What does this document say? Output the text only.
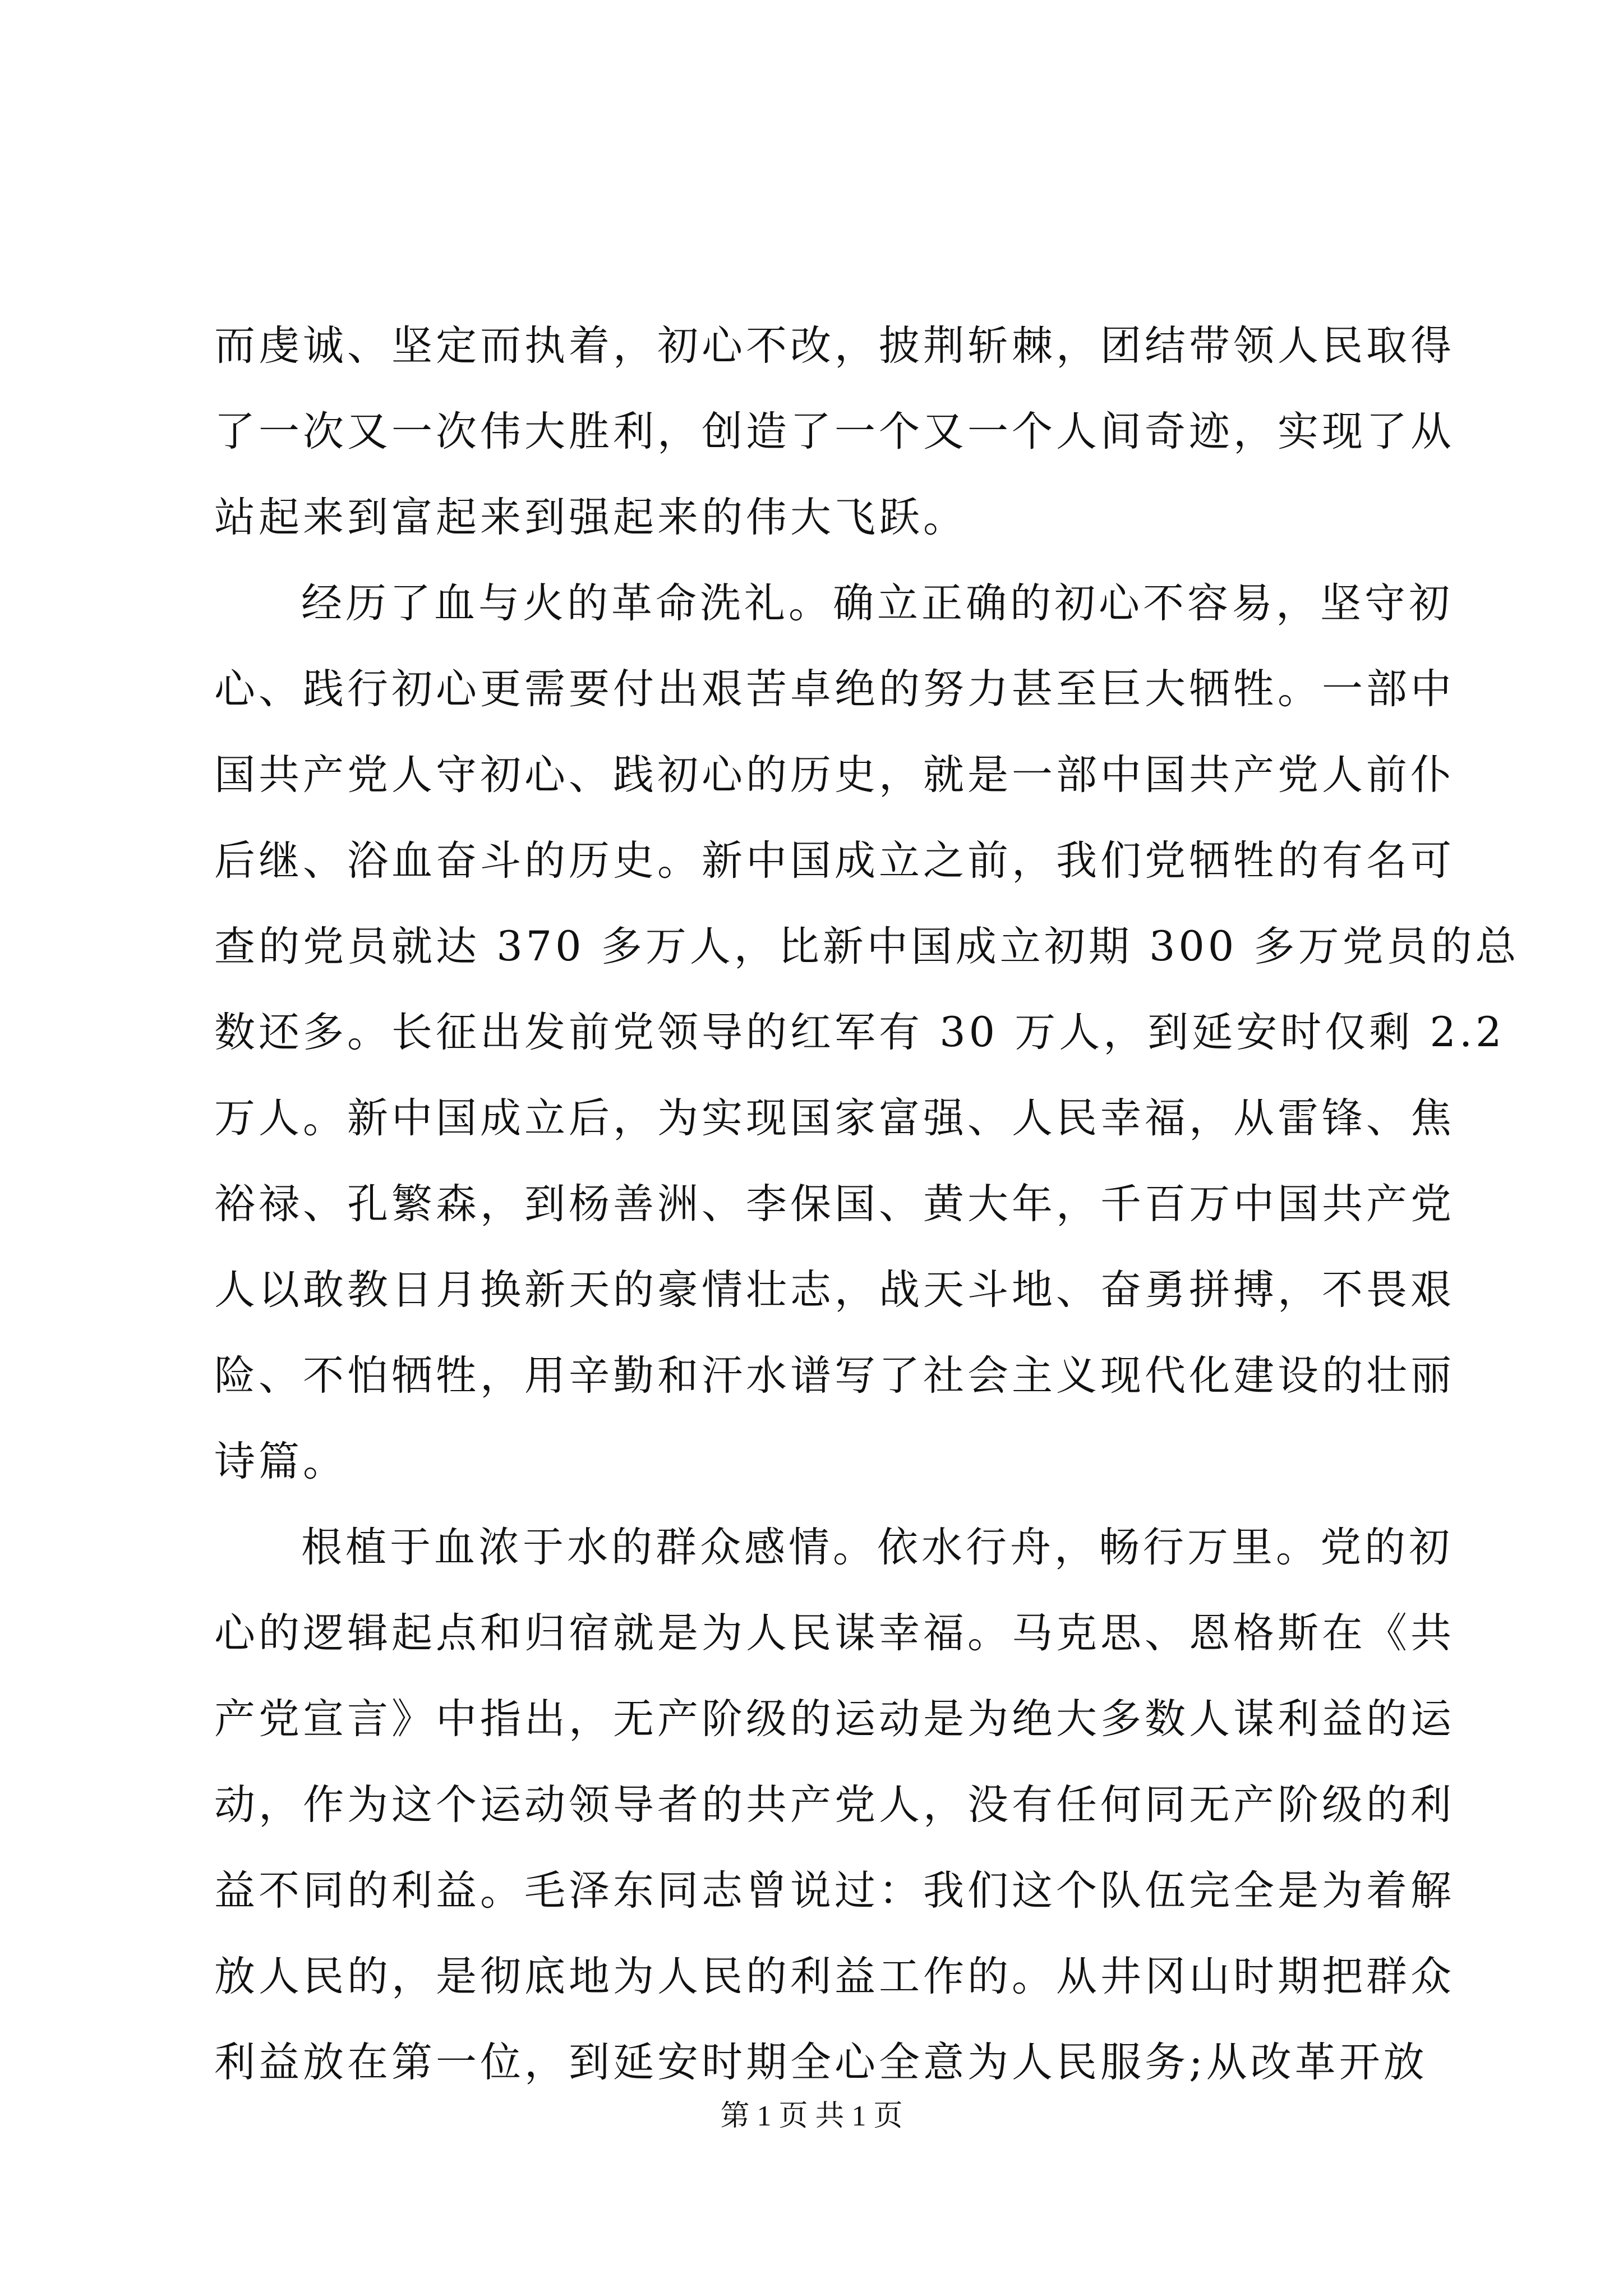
而虔诚、坚定而执着，初心不改，披荆斩棘，团结带领人民取得
了一次又一次伟大胜利，创造了一个又一个人间奇迹，实现了从
站起来到富起来到强起来的伟大飞跃。
经历了血与火的革命洗礼。确立正确的初心不容易，坚守初
心、践行初心更需要付出艰苦卓绝的努力甚至巨大牺牲。一部中
国共产党人守初心、践初心的历史，就是一部中国共产党人前仆
后继、浴血奋斗的历史。新中国成立之前，我们党牺牲的有名可
查的党员就达 370 多万人，比新中国成立初期 300 多万党员的总
数还多。长征出发前党领导的红军有 30 万人，到延安时仅剩 2.2
万人。新中国成立后，为实现国家富强、人民幸福，从雷锋、焦
裕禄、孔繁森，到杨善洲、李保国、黄大年，千百万中国共产党
人以敢教日月换新天的豪情壮志，战天斗地、奋勇拼搏，不畏艰
险、不怕牺牲，用辛勤和汗水谱写了社会主义现代化建设的壮丽
诗篇。
根植于血浓于水的群众感情。依水行舟，畅行万里。党的初
心的逻辑起点和归宿就是为人民谋幸福。马克思、恩格斯在《共
产党宣言》中指出，无产阶级的运动是为绝大多数人谋利益的运
动，作为这个运动领导者的共产党人，没有任何同无产阶级的利
益不同的利益。毛泽东同志曾说过：我们这个队伍完全是为着解
放人民的，是彻底地为人民的利益工作的。从井冈山时期把群众
利益放在第一位，到延安时期全心全意为人民服务;从改革开放
第 1 页 共 1 页
